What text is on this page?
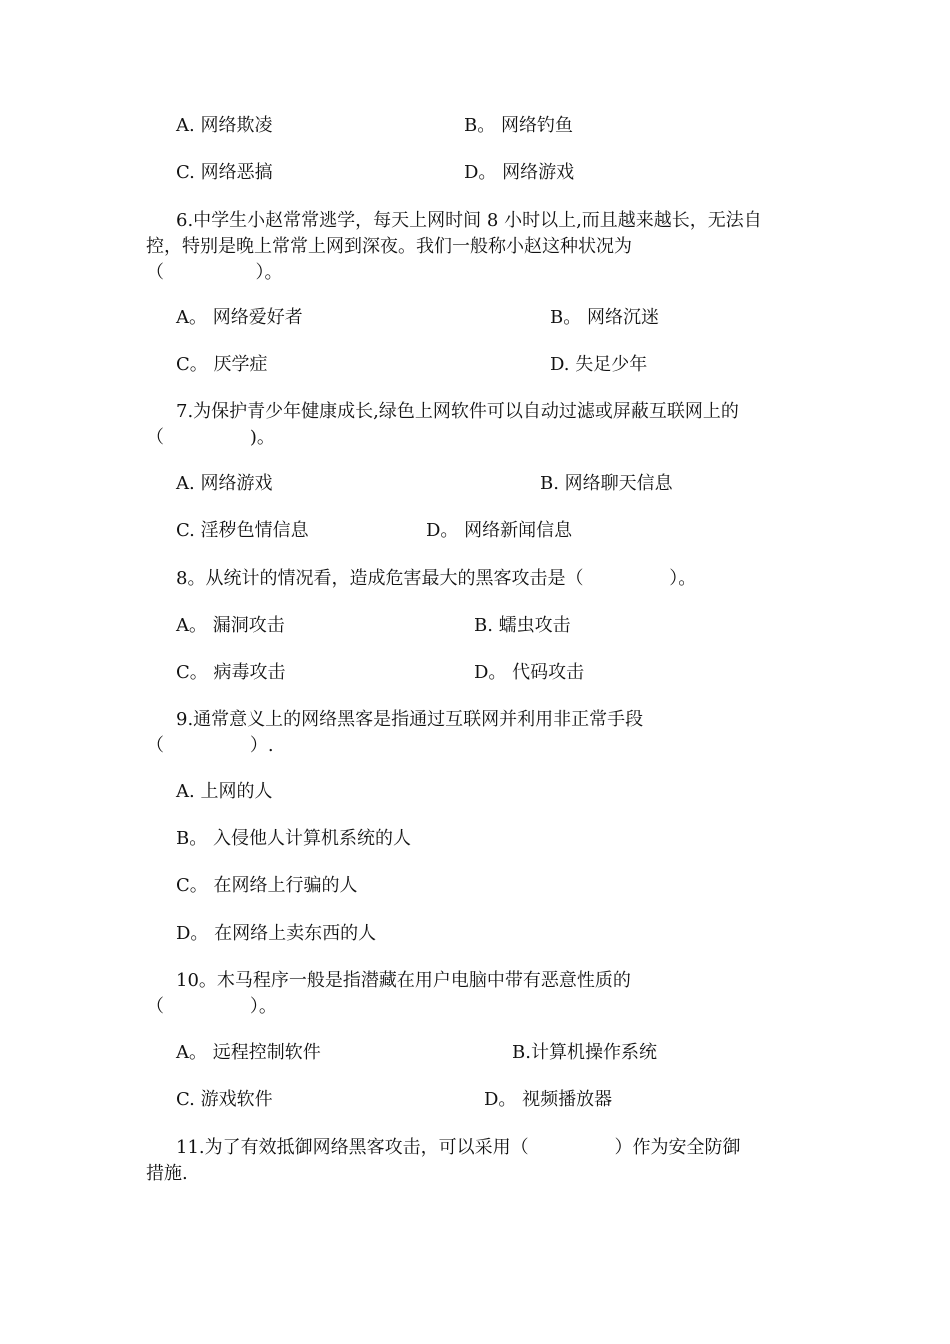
A. 网络欺凌	B。 网络钓鱼
C. 网络恶搞	D。 网络游戏
6.中学生小赵常常逃学，每天上网时间 8 小时以上,而且越来越长，无法自
控，特别是晚上常常上网到深夜。我们一般称小赵这种状况为
（                ）。
A。 网络爱好者	B。 网络沉迷
C。 厌学症	D. 失足少年
7.为保护青少年健康成长,绿色上网软件可以自动过滤或屏蔽互联网上的
（               )。
A. 网络游戏	B. 网络聊天信息
C. 淫秽色情信息	D。 网络新闻信息
8。从统计的情况看，造成危害最大的黑客攻击是（               ）。
A。 漏洞攻击	B. 蠕虫攻击
C。 病毒攻击	D。 代码攻击
9.通常意义上的网络黑客是指通过互联网并利用非正常手段
（               ）.
A. 上网的人
B。 入侵他人计算机系统的人
C。 在网络上行骗的人
D。 在网络上卖东西的人
10。木马程序一般是指潜藏在用户电脑中带有恶意性质的
（               ）。
A。 远程控制软件	B.计算机操作系统
C. 游戏软件	D。 视频播放器
11.为了有效抵御网络黑客攻击，可以采用（               ）作为安全防御
措施.
